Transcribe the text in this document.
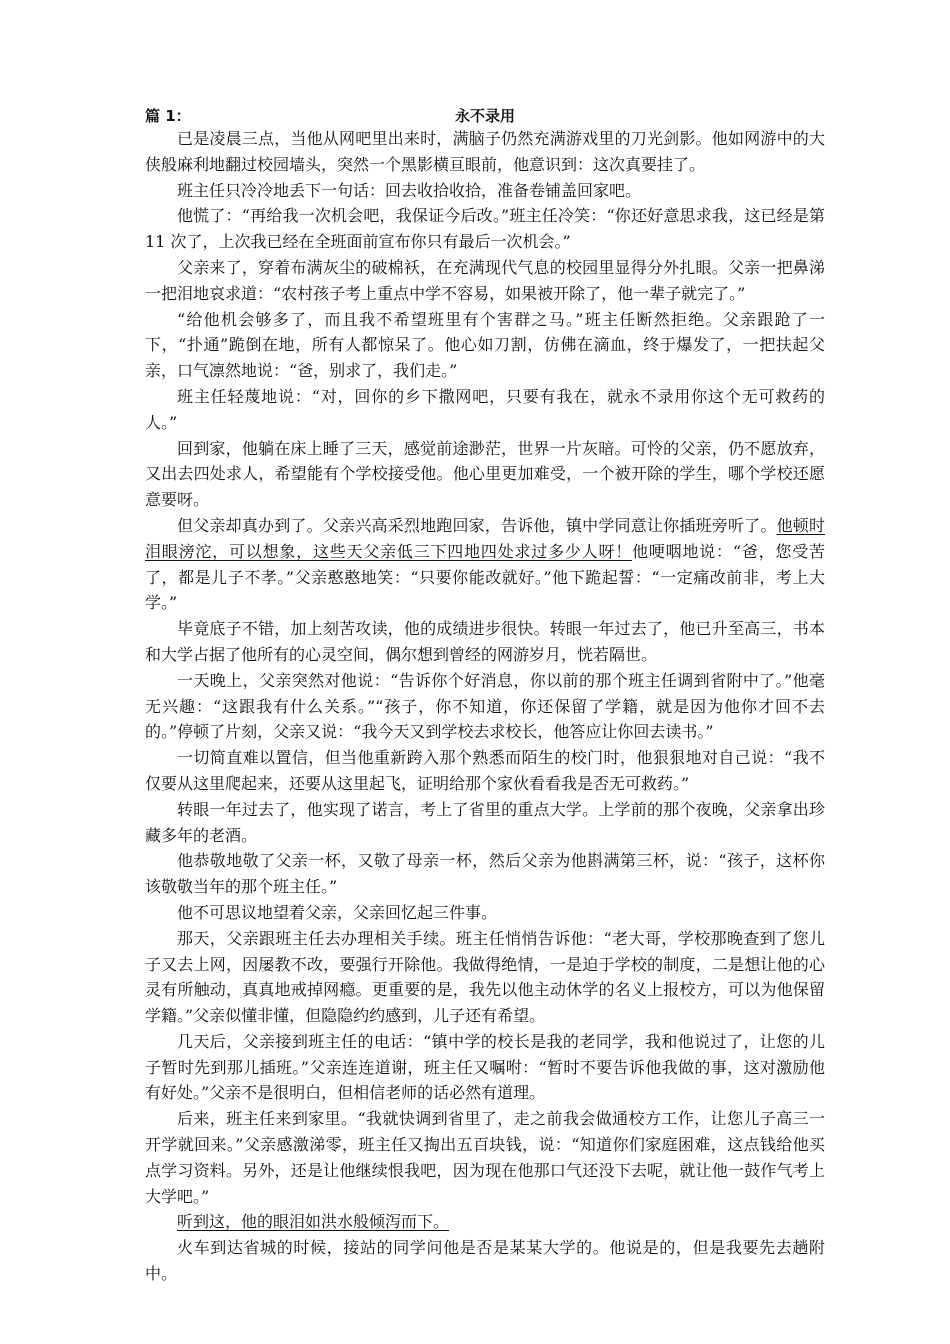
篇 1：	永不录用

已是凌晨三点，当他从网吧里出来时，满脑子仍然充满游戏里的刀光剑影。他如网游中的大侠般麻利地翻过校园墙头，突然一个黑影横亘眼前，他意识到：这次真要挂了。

班主任只冷冷地丢下一句话：回去收拾收拾，准备卷铺盖回家吧。

他慌了：“再给我一次机会吧，我保证今后改。”班主任冷笑：“你还好意思求我，这已经是第 11 次了，上次我已经在全班面前宣布你只有最后一次机会。”

父亲来了，穿着布满灰尘的破棉袄，在充满现代气息的校园里显得分外扎眼。父亲一把鼻涕一把泪地哀求道：“农村孩子考上重点中学不容易，如果被开除了，他一辈子就完了。”

“给他机会够多了，而且我不希望班里有个害群之马。”班主任断然拒绝。父亲跟跄了一下，“扑通”跪倒在地，所有人都惊呆了。他心如刀割，仿佛在滴血，终于爆发了，一把扶起父亲，口气凛然地说：“爸，别求了，我们走。”

班主任轻蔑地说：“对，回你的乡下撒网吧，只要有我在，就永不录用你这个无可救药的人。”

回到家，他躺在床上睡了三天，感觉前途渺茫，世界一片灰暗。可怜的父亲，仍不愿放弃，又出去四处求人，希望能有个学校接受他。他心里更加难受，一个被开除的学生，哪个学校还愿意要呀。

但父亲却真办到了。父亲兴高采烈地跑回家，告诉他，镇中学同意让你插班旁听了。他顿时泪眼滂沱，可以想象，这些天父亲低三下四地四处求过多少人呀！他哽咽地说：“爸，您受苦了，都是儿子不孝。”父亲憨憨地笑：“只要你能改就好。”他下跪起誓：“一定痛改前非，考上大学。”

毕竟底子不错，加上刻苦攻读，他的成绩进步很快。转眼一年过去了，他已升至高三，书本和大学占据了他所有的心灵空间，偶尔想到曾经的网游岁月，恍若隔世。

一天晚上，父亲突然对他说：“告诉你个好消息，你以前的那个班主任调到省附中了。”他毫无兴趣：“这跟我有什么关系。”“孩子，你不知道，你还保留了学籍，就是因为他你才回不去的。”停顿了片刻，父亲又说：“我今天又到学校去求校长，他答应让你回去读书。”

一切简直难以置信，但当他重新跨入那个熟悉而陌生的校门时，他狠狠地对自己说：“我不仅要从这里爬起来，还要从这里起飞，证明给那个家伙看看我是否无可救药。”

转眼一年过去了，他实现了诺言，考上了省里的重点大学。上学前的那个夜晚，父亲拿出珍藏多年的老酒。

他恭敬地敬了父亲一杯，又敬了母亲一杯，然后父亲为他斟满第三杯，说：“孩子，这杯你该敬敬当年的那个班主任。”

他不可思议地望着父亲，父亲回忆起三件事。

那天，父亲跟班主任去办理相关手续。班主任悄悄告诉他：“老大哥，学校那晚查到了您儿子又去上网，因屡教不改，要强行开除他。我做得绝情，一是迫于学校的制度，二是想让他的心灵有所触动，真真地戒掉网瘾。更重要的是，我先以他主动休学的名义上报校方，可以为他保留学籍。”父亲似懂非懂，但隐隐约约感到，儿子还有希望。

几天后，父亲接到班主任的电话：“镇中学的校长是我的老同学，我和他说过了，让您的儿子暂时先到那儿插班。”父亲连连道谢，班主任又嘱咐：“暂时不要告诉他我做的事，这对激励他有好处。”父亲不是很明白，但相信老师的话必然有道理。

后来，班主任来到家里。“我就快调到省里了，走之前我会做通校方工作，让您儿子高三一开学就回来。”父亲感激涕零，班主任又掏出五百块钱，说：“知道你们家庭困难，这点钱给他买点学习资料。另外，还是让他继续恨我吧，因为现在他那口气还没下去呢，就让他一鼓作气考上大学吧。”

听到这，他的眼泪如洪水般倾泻而下。

火车到达省城的时候，接站的同学问他是否是某某大学的。他说是的，但是我要先去趟附中。
